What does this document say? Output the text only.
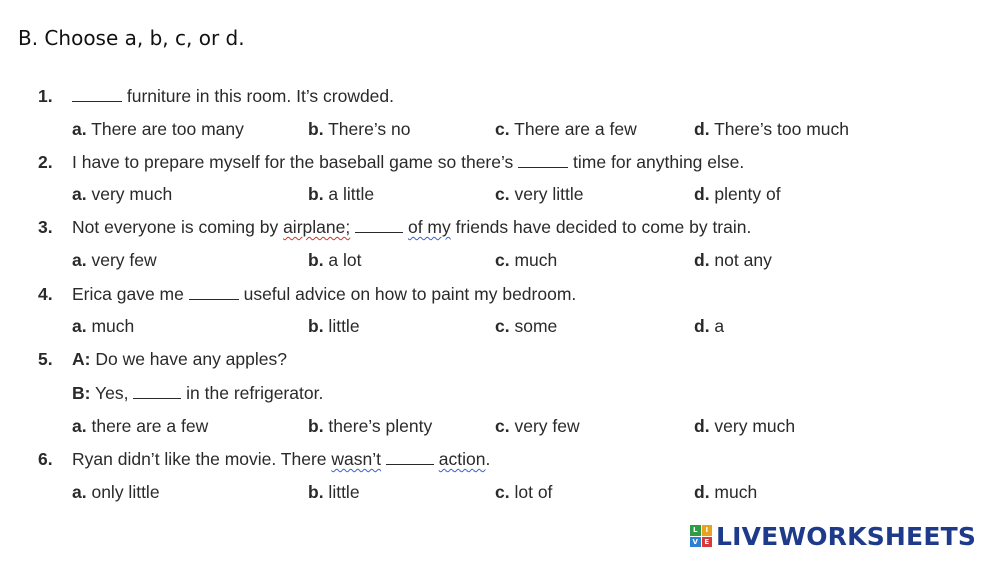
B. Choose a, b, c, or d.
1.	furniture in this room. It’s crowded.
a. There are too many	b. There’s no	c. There are a few	d. There’s too much
2. I have to prepare myself for the baseball game so there’s	time for anything else.
a. very much	b. a little	c. very little	d. plenty of
3. Not everyone is coming by airplane;	of my friends have decided to come by train.
a. very few	b. a lot	c. much	d. not any
4. Erica gave me	useful advice on how to paint my bedroom.
a. much	b. little	c. some	d. a
5. A: Do we have any apples?
B: Yes,	in the refrigerator.
a. there are a few	b. there’s plenty	c. very few	d. very much
6. Ryan didn’t like the movie. There wasn’t	action.
a. only little	b. little	c. lot of	d. much
L	I
V E LIVEWORKSHEETS
